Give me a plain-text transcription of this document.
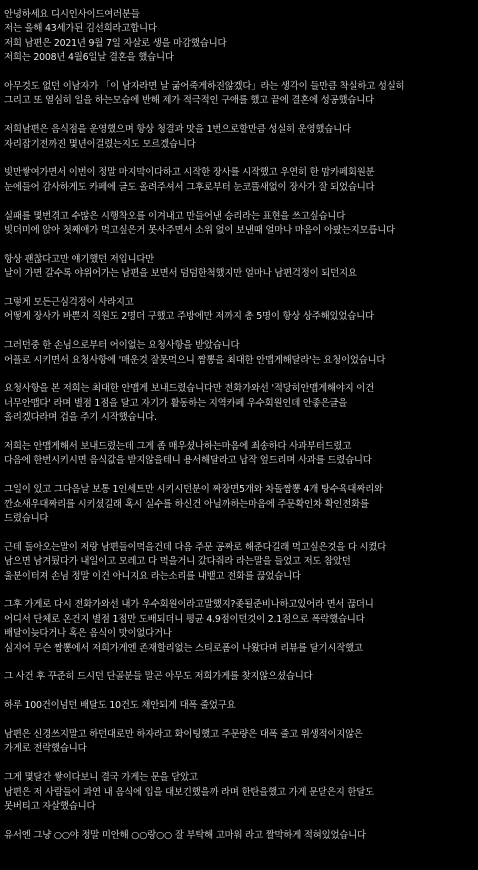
안녕하세요 디시인사이드여러분들
저는 올해 43세가된 김선희라고합니다
저희 남편은 2021년 9월 7일 자살로 생을 마감했습니다
저희는 2008년 4월6일날 결혼을 했습니다
아무것도 없던 이남자가 「이 남자라면 날 굶어죽게하진않겠다」라는 생각이 들만큼 착실하고 성실히
그리고 또 열심히 일을 하는모습에 반해 제가 적극적인 구애를 했고 끝에 결혼에 성공했습니다
저희남편은 음식점을 운영했으며 항상 청결과 맛을 1번으로할만큼 성실히 운영했습니다
자리잡기전까진 몇년이걸렸는지도 모르겠습니다
빚만쌓여가면서 이번이 정말 마지막이다하고 시작한 장사를 시작했고 우연히 한 맘카페회원분
눈에들어 감사하게도 카페에 글도 올려주셔서 그후로부터 눈코뜰새없이 장사가 잘 되었습니다
실패를 몇번겪고 수많은 시행착오를 이겨내고 만들어낸 승리라는 표현을 쓰고싶습니다
빚더미에 앉아 첫째애가 먹고싶은거 못사주면서 소위 없이 보낸때 얼마나 마음이 아팠는지모릅니다
항상 괜찮다고만 얘기했던 저입니다만
날이 가면 갈수록 야위어가는 남편을 보면서 덤덤한척했지만 얼마나 남편걱정이 되던지요
그렇게 모든근심걱정이 사라지고
어떻게 장사가 바쁜지 직원도 2명더 구했고 주방에만 저까지 총 5명이 항상 상주해있었습니다
그러던중 한 손님으로부터 어이없는 요청사항을 받았습니다
어플로 시키면서 요청사항에 '매운것 잘못먹으니 짬뽕을 최대한 안맵게해달라'는 요청이었습니다
요청사항을 본 저희는 최대한 안맵게 보내드렸습니다만 전화가와선 '적당히안맵게해야지 이건
너무안맵다' 라며 별점 1점을 달고 자기가 활동하는 지역카페 우수회원인데 안좋은글을
올리겠다라며 겁을 주기 시작했습니다.
저희는 안맵게해서 보내드렸는데 그게 좀 매우셨나하는마음에 죄송하다 사과부터드렸고
다음에 한번시키시면 음식값을 받지않을테니 용서해달라고 납작 엎드리며 사과를 드렸습니다
그일이 있고 그다음날 보통 1인세트만 시키시던분이 짜장면5개와 차돌짬뽕 4개 탕수육대짜리와
깐쇼새우대짜리를 시키셨길래 혹시 실수를 하신건 아닐까하는마음에 주문확인차 확인전화를
드렸습니다
근데 돌아오는말이 저랑 남편들이먹을건데 다음 주문 공짜로 해준다길래 먹고싶은것을 다 시켰다
남으면 남겨뒀다가 내일이고 모레고 다 먹을거니 갔다줘라 라는말을 들었고 저도 참았던
울분이터져 손님 정말 이건 아니지요 라는소리를 내뱉고 전화를 끊었습니다
그후 가게로 다시 전화가와선 내가 우수회원이라고말했지?좆될준비나하고있어라 면서 끊더니
어디서 단체로 온건지 별점 1점만 도배되더니 평균 4.9점이던것이 2.1점으로 폭락했습니다
배달이늦다거나 혹은 음식이 맛이없다거나
심지어 무슨 짬뽕에서 저희가게엔 존재할리없는 스티로폼이 나왔다며 리뷰를 달기시작했고
그 사건 후 꾸준히 드시던 단골분들 말곤 아무도 저희가게를 찾지않으셨습니다
하루 100건이넘던 배달도 10건도 채안되게 대폭 줄었구요
남편은 신경쓰지말고 하던대로만 하자라고 화이팅했고 주문량은 대폭 줄고 위생적이지않은
가게로 전락했습니다
그게 몇달간 쌓이다보니 결국 가게는 문을 닫았고
남편은 저 사람들이 과연 내 음식에 입을 대보긴했을까 라며 한탄을했고 가게 문닫은지 한달도
못버티고 자살했습니다
유서엔 그냥 ○○야 정말 미안해 ○○랑○○ 잘 부탁해 고마워 라고 짤막하게 적혀있었습니다
